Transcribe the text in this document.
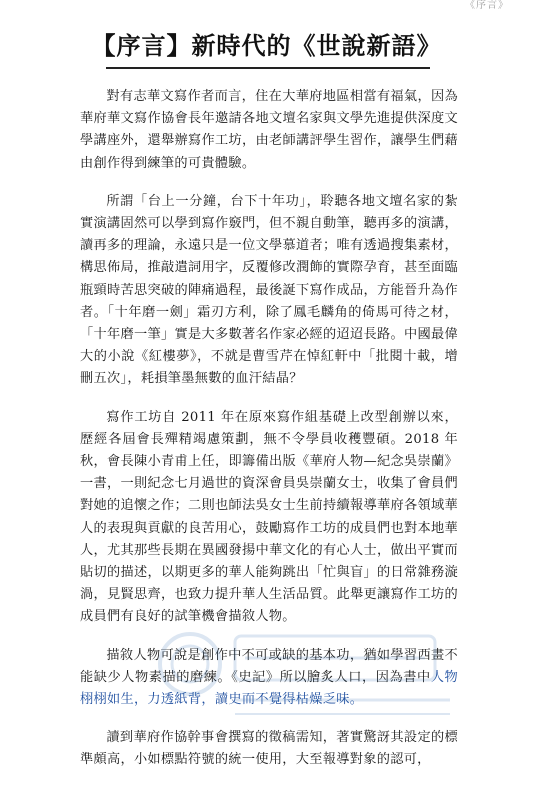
《序言》
【序言】新時代的《世說新語》

對有志華文寫作者而言，住在大華府地區相當有福氣，因為華府華文寫作協會長年邀請各地文壇名家與文學先進提供深度文學講座外，還舉辦寫作工坊，由老師講評學生習作，讓學生們藉由創作得到練筆的可貴體驗。

所謂「台上一分鐘，台下十年功」，聆聽各地文壇名家的紮實演講固然可以學到寫作竅門，但不親自動筆，聽再多的演講，讀再多的理論，永遠只是一位文學慕道者；唯有透過搜集素材，構思佈局，推敲遣詞用字，反覆修改潤飾的實際孕育，甚至面臨瓶頸時苦思突破的陣痛過程，最後誕下寫作成品，方能晉升為作者。「十年磨一劍」霜刃方利，除了鳳毛麟角的倚馬可待之材，「十年磨一筆」實是大多數著名作家必經的迢迢長路。中國最偉大的小說《紅樓夢》，不就是曹雪芹在悼紅軒中「批閱十載，增刪五次」，耗損筆墨無數的血汗結晶？

寫作工坊自 2011 年在原來寫作組基礎上改型創辦以來，歷經各屆會長殫精竭慮策劃，無不令學員收穫豐碩。2018 年秋，會長陳小青甫上任，即籌備出版《華府人物—紀念吳崇蘭》一書，一則紀念七月過世的資深會員吳崇蘭女士，收集了會員們對她的追懷之作；二則也師法吳女士生前持續報導華府各領域華人的表現與貢獻的良苦用心，鼓勵寫作工坊的成員們也對本地華人，尤其那些長期在異國發揚中華文化的有心人士，做出平實而貼切的描述，以期更多的華人能夠跳出「忙與盲」的日常雜務漩渦，見賢思齊，也致力提升華人生活品質。此舉更讓寫作工坊的成員們有良好的試筆機會描敘人物。

描敘人物可說是創作中不可或缺的基本功，猶如學習西畫不能缺少人物素描的磨練。《史記》所以膾炙人口，因為書中人物栩栩如生，力透紙背，讀史而不覺得枯燥乏味。

讀到華府作協幹事會撰寫的徵稿需知，著實驚訝其設定的標準頗高，小如標點符號的統一使用，大至報導對象的認可，
